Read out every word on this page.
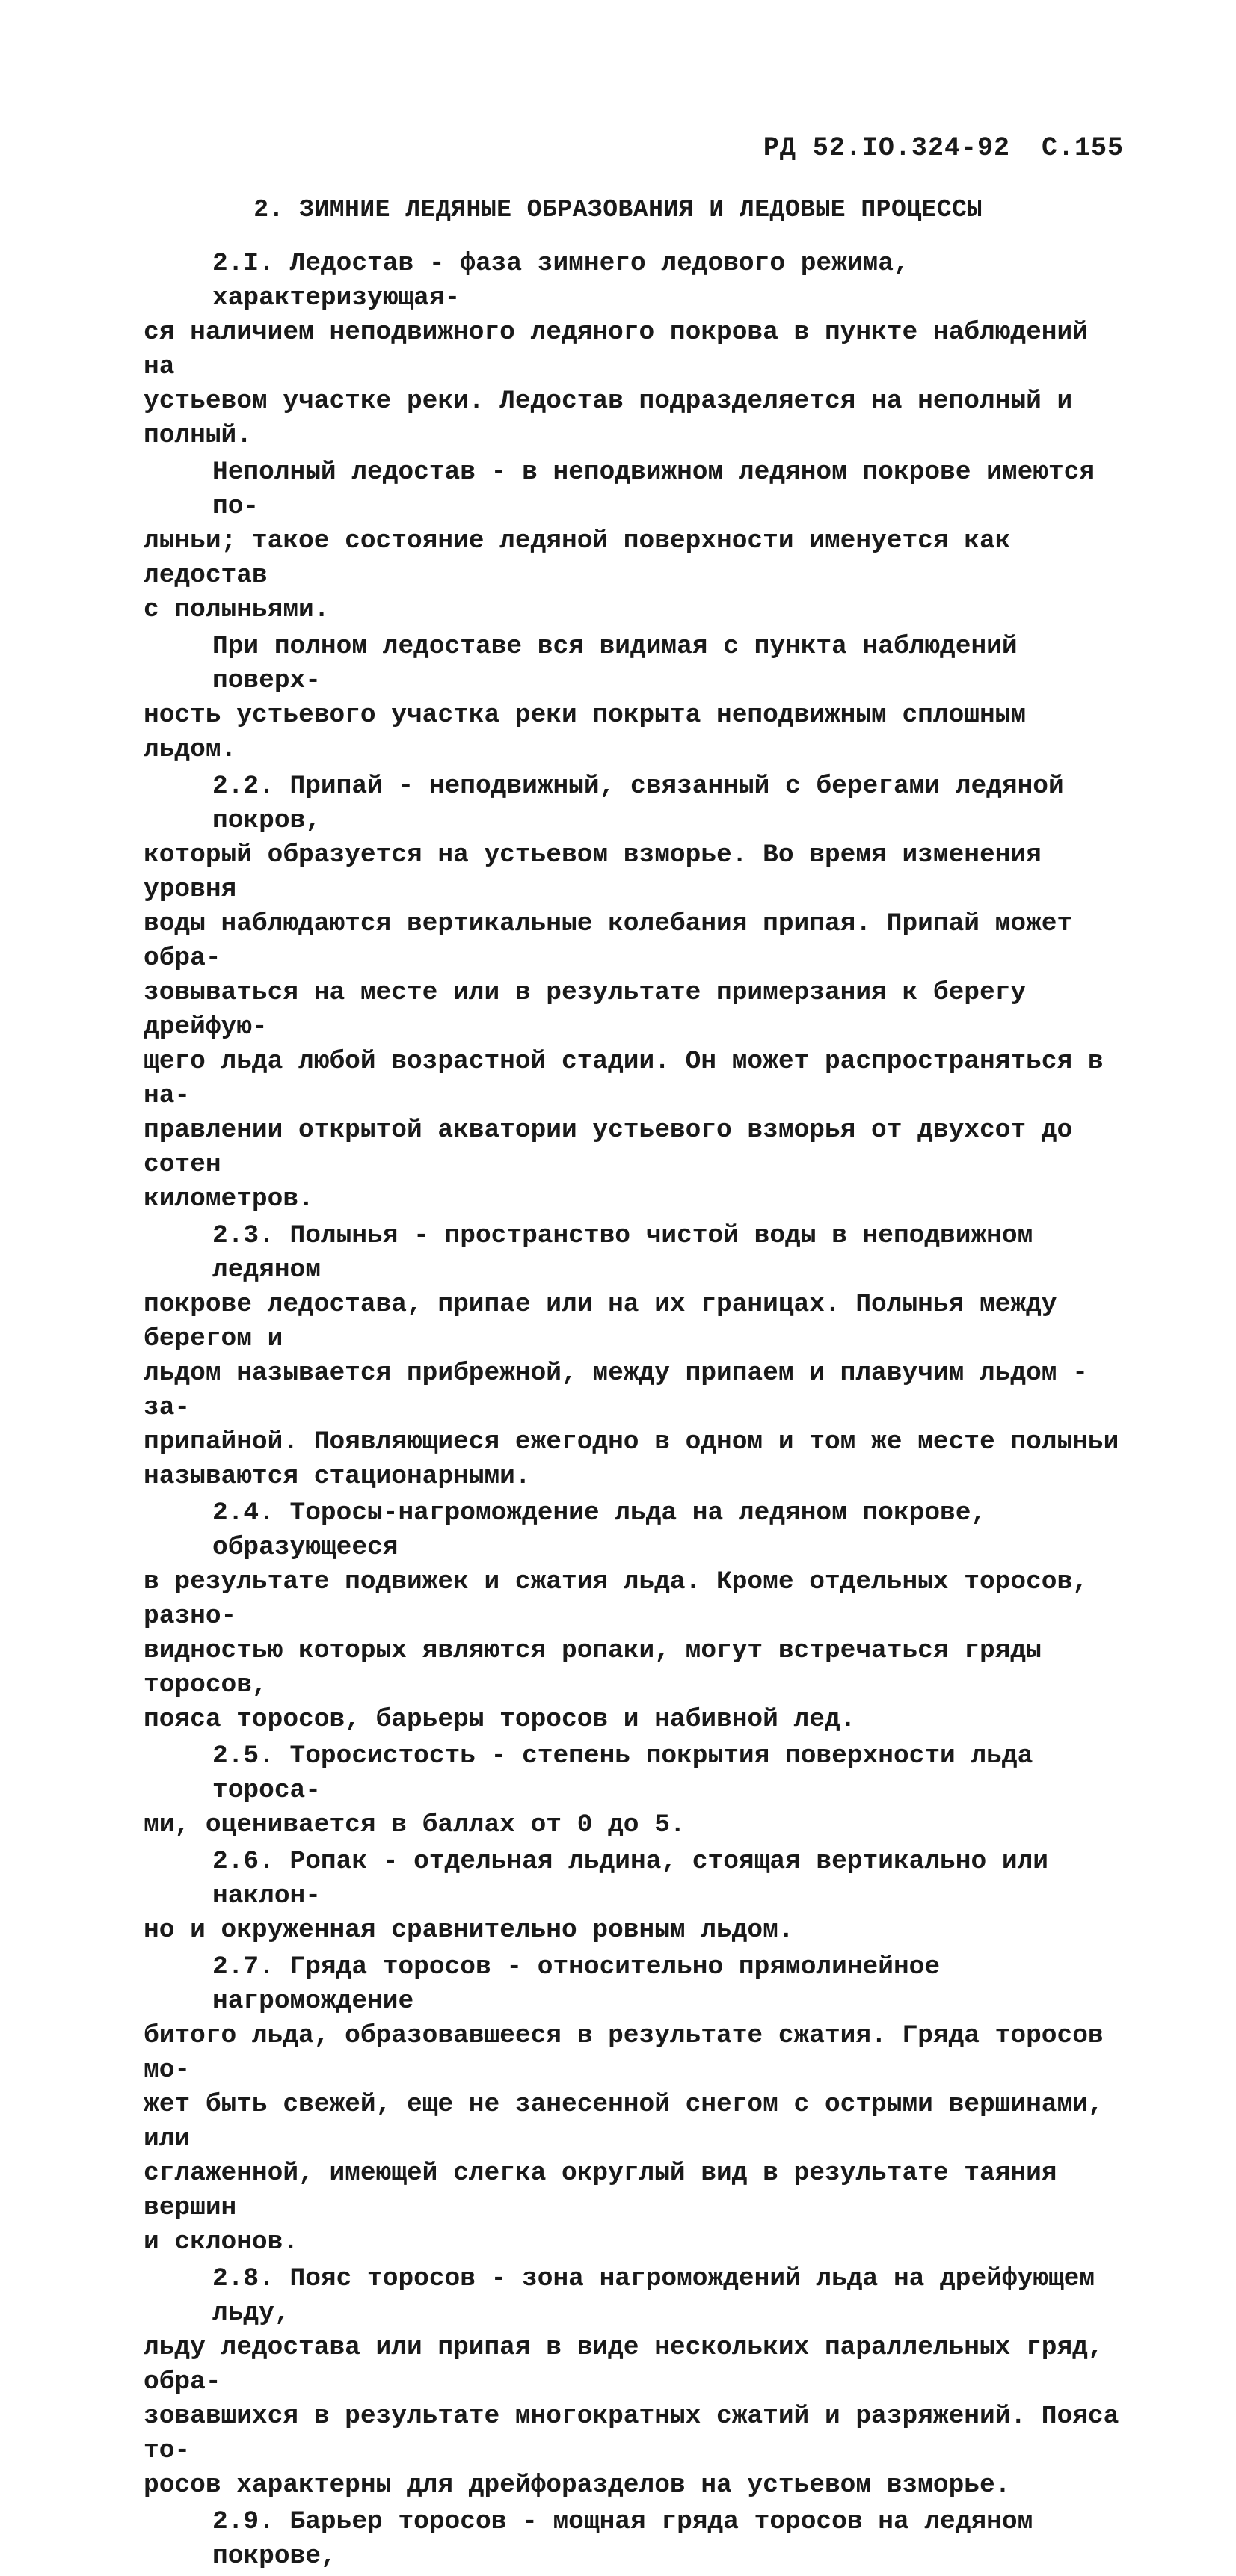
РД 52.IO.324-92 С.155
2. ЗИМНИЕ ЛЕДЯНЫЕ ОБРАЗОВАНИЯ И ЛЕДОВЫЕ ПРОЦЕССЫ
2.I. Ледостав - фаза зимнего ледового режима, характеризующая-
ся наличием неподвижного ледяного покрова в пункте наблюдений на
устьевом участке реки. Ледостав подразделяется на неполный и полный.
Неполный ледостав - в неподвижном ледяном покрове имеются по-
лыньи; такое состояние ледяной поверхности именуется как ледостав
с полыньями.
При полном ледоставе вся видимая с пункта наблюдений поверх-
ность устьевого участка реки покрыта неподвижным сплошным льдом.
2.2. Припай - неподвижный, связанный с берегами ледяной покров,
который образуется на устьевом взморье. Во время изменения уровня
воды наблюдаются вертикальные колебания припая. Припай может обра-
зовываться на месте или в результате примерзания к берегу дрейфую-
щего льда любой возрастной стадии. Он может распространяться в на-
правлении открытой акватории устьевого взморья от двухсот до сотен
километров.
2.3. Полынья - пространство чистой воды в неподвижном ледяном
покрове ледостава, припае или на их границах. Полынья между берегом и
льдом называется прибрежной, между припаем и плавучим льдом - за-
припайной. Появляющиеся ежегодно в одном и том же месте полыньи
называются стационарными.
2.4. Торосы-нагромождение льда на ледяном покрове, образующееся
в результате подвижек и сжатия льда. Кроме отдельных торосов, разно-
видностью которых являются ропаки, могут встречаться гряды торосов,
пояса торосов, барьеры торосов и набивной лед.
2.5. Торосистость - степень покрытия поверхности льда тороса-
ми, оценивается в баллах от 0 до 5.
2.6. Ропак - отдельная льдина, стоящая вертикально или наклон-
но и окруженная сравнительно ровным льдом.
2.7. Гряда торосов - относительно прямолинейное нагромождение
битого льда, образовавшееся в результате сжатия. Гряда торосов мо-
жет быть свежей, еще не занесенной снегом с острыми вершинами, или
сглаженной, имеющей слегка округлый вид в результате таяния вершин
и склонов.
2.8. Пояс торосов - зона нагромождений льда на дрейфующем льду,
льду ледостава или припая в виде нескольких параллельных гряд, обра-
зовавшихся в результате многократных сжатий и разряжений. Пояса то-
росов характерны для дрейфоразделов на устьевом взморье.
2.9. Барьер торосов - мощная гряда торосов на ледяном покрове,
